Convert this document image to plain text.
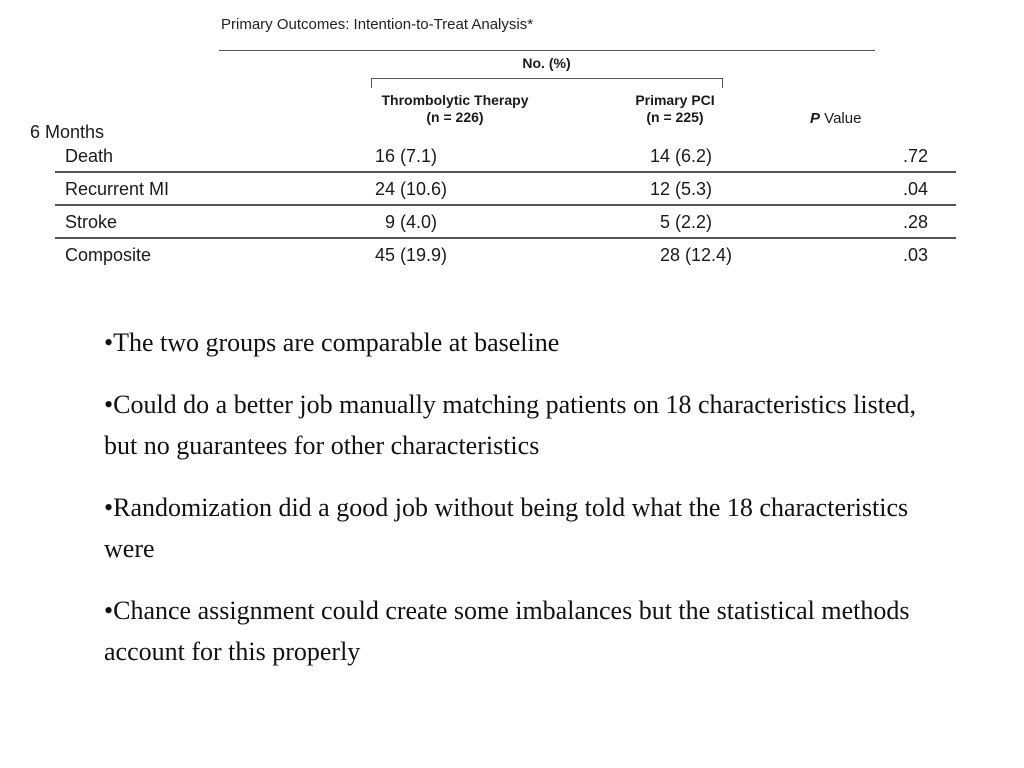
Primary Outcomes: Intention-to-Treat Analysis*
No. (%)
Thrombolytic Therapy
(n = 226)
Primary PCI
(n = 225)	P Value
6 Months
Death	16 (7.1)	14 (6.2)	.72
Recurrent MI	24 (10.6)	12 (5.3)	.04
Stroke	9 (4.0)	5 (2.2)	.28
Composite	45 (19.9)	28 (12.4)	.03

•The two groups are comparable at baseline

•Could do a better job manually matching patients on 18 characteristics listed, but no guarantees for other characteristics

•Randomization did a good job without being told what the 18 characteristics were

•Chance assignment could create some imbalances but the statistical methods account for this properly
